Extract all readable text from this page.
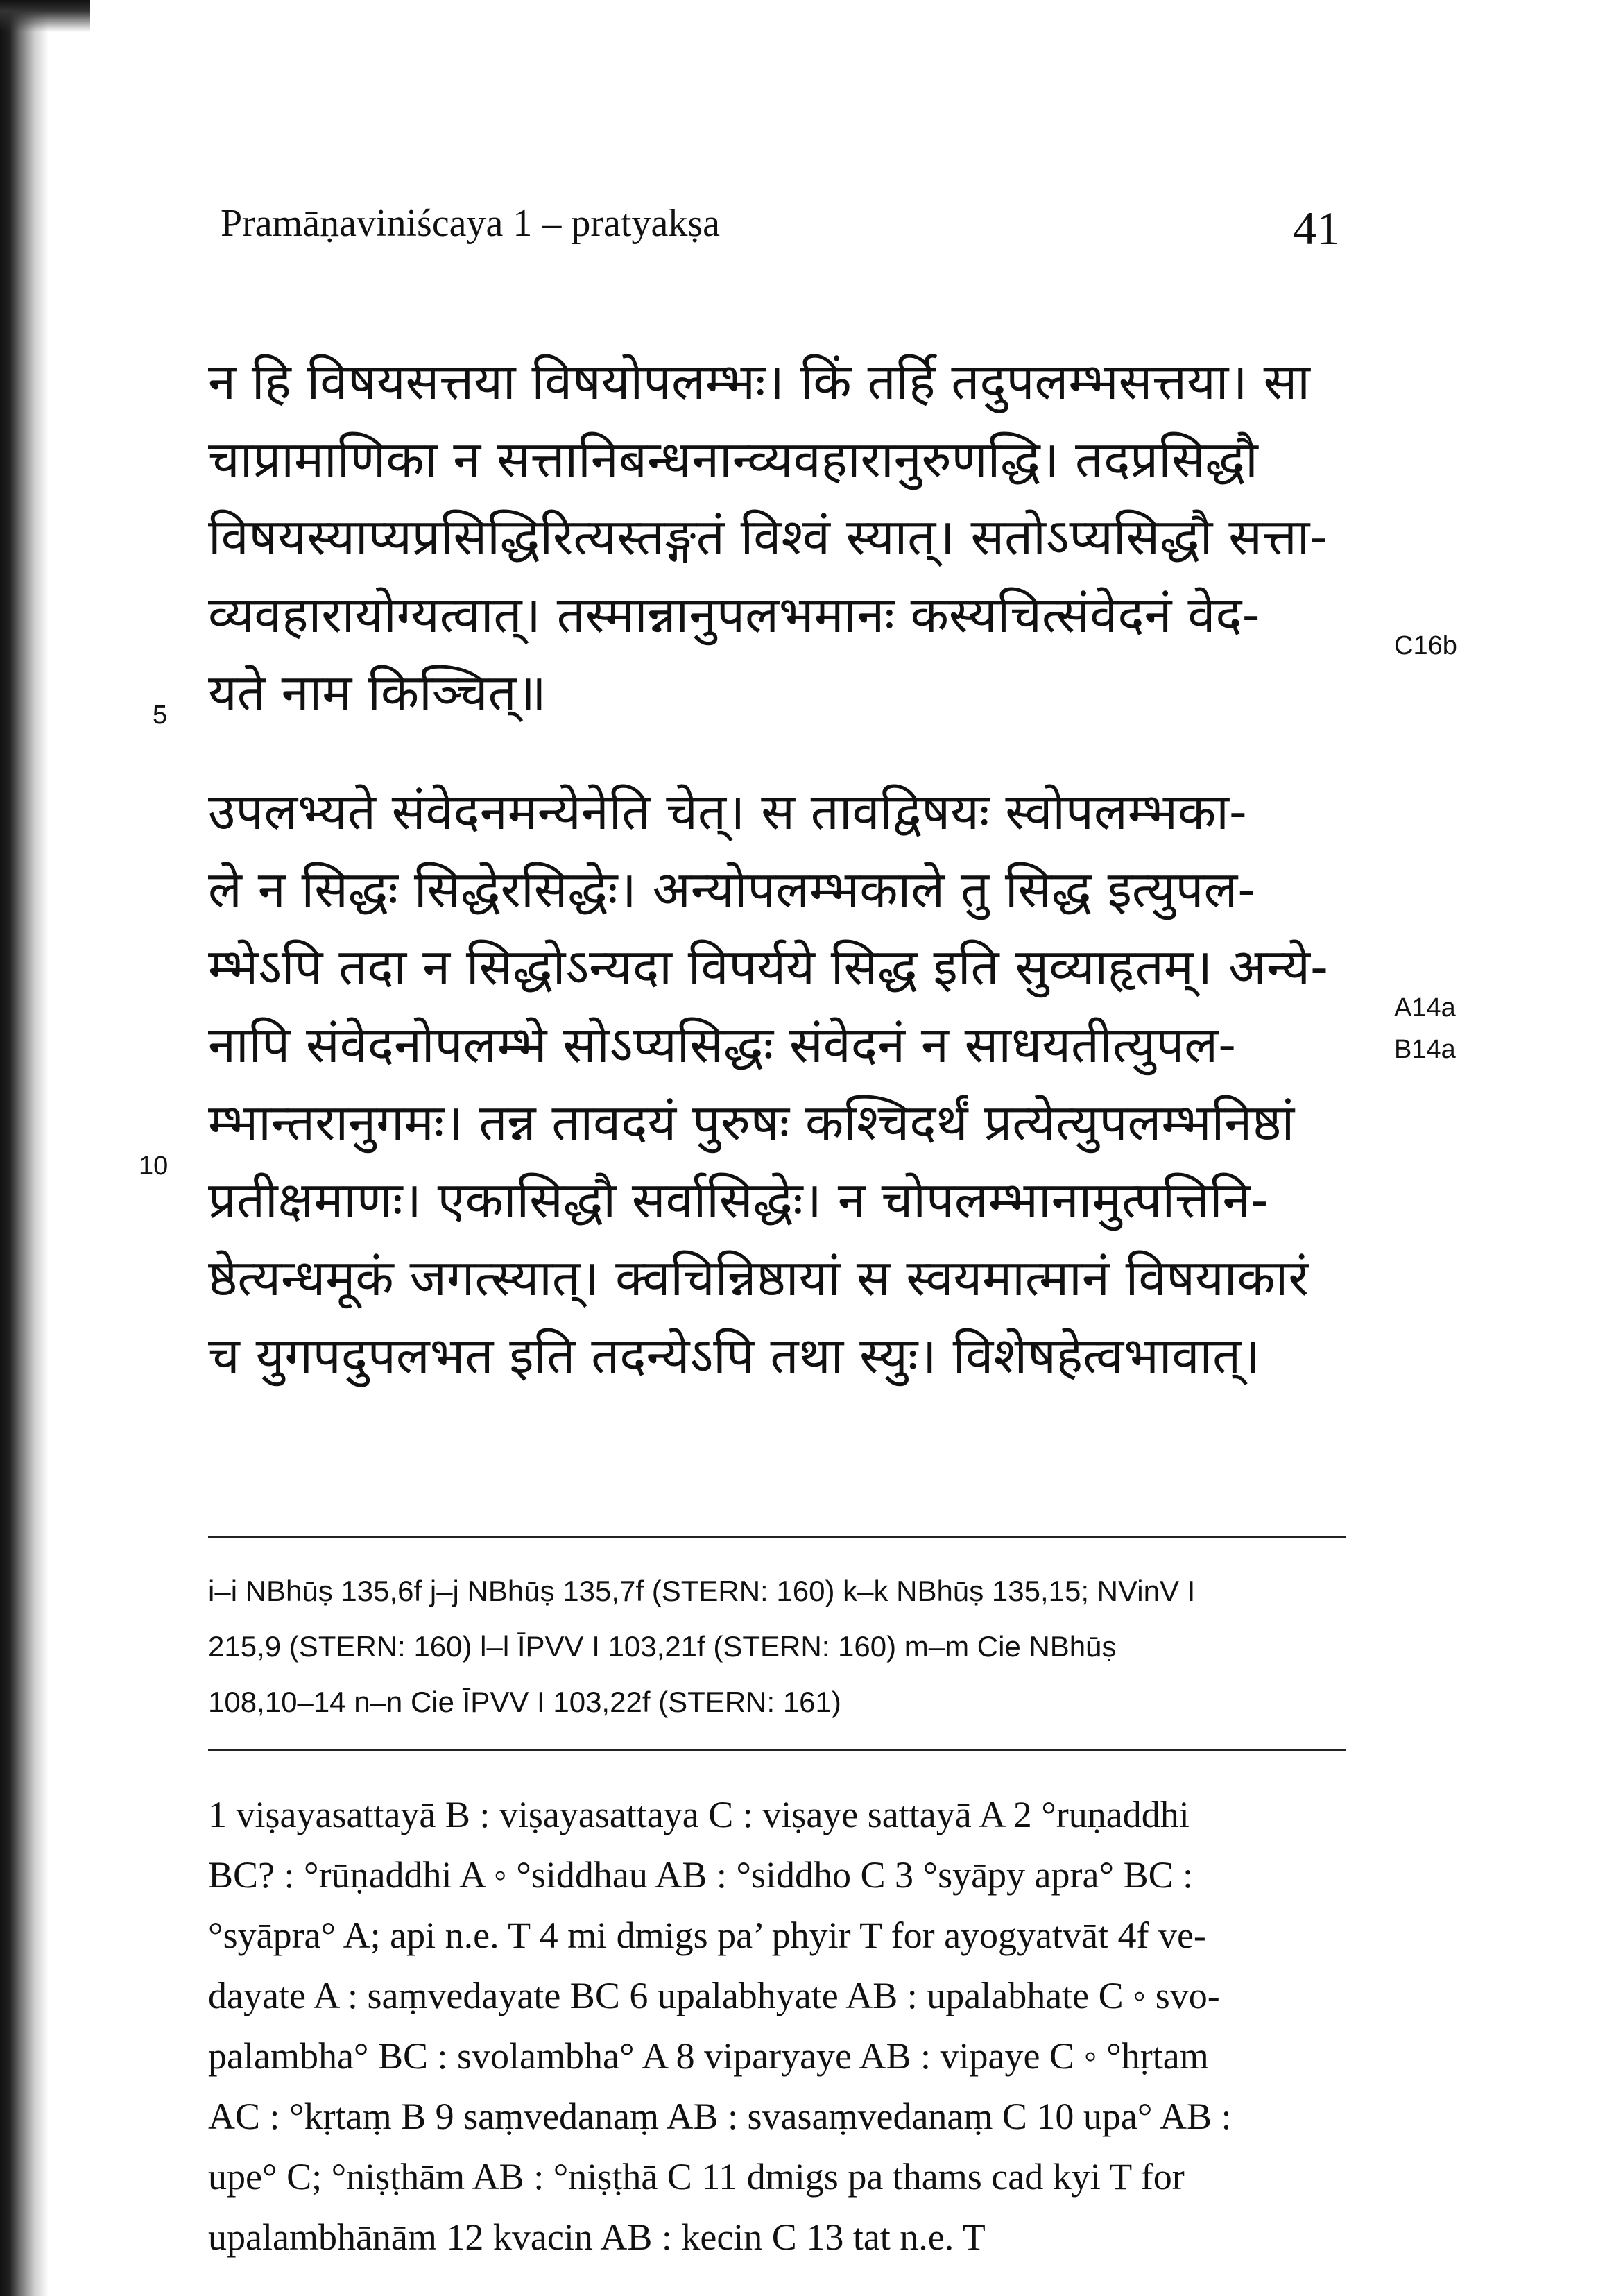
Pramāṇaviniścaya 1 – pratyakṣa	41
न हि विषयसत्तया विषयोपलम्भः। किं तर्हि तदुपलम्भसत्तया। सा
चाप्रामाणिका न सत्तानिबन्धनान्व्यवहारानुरुणद्धि। तदप्रसिद्धौ
विषयस्याप्यप्रसिद्धिरित्यस्तङ्गतं विश्वं स्यात्। सतोऽप्यसिद्धौ सत्ता-
व्यवहारायोग्यत्वात्। तस्मान्नानुपलभमानः कस्यचित्संवेदनं वेद-
यते नाम किञ्चित्॥
उपलभ्यते संवेदनमन्येनेति चेत्। स तावद्विषयः स्वोपलम्भका-
ले न सिद्धः सिद्धेरसिद्धेः। अन्योपलम्भकाले तु सिद्ध इत्युपल-
म्भेऽपि तदा न सिद्धोऽन्यदा विपर्यये सिद्ध इति सुव्याहृतम्। अन्ये-
नापि संवेदनोपलम्भे सोऽप्यसिद्धः संवेदनं न साधयतीत्युपल-
म्भान्तरानुगमः। तन्न तावदयं पुरुषः कश्चिदर्थं प्रत्येत्युपलम्भनिष्ठां
प्रतीक्षमाणः। एकासिद्धौ सर्वासिद्धेः। न चोपलम्भानामुत्पत्तिनि-
ष्ठेत्यन्धमूकं जगत्स्यात्। क्वचिन्निष्ठायां स स्वयमात्मानं विषयाकारं
च युगपदुपलभत इति तदन्येऽपि तथा स्युः। विशेषहेत्वभावात्।
5
10
C16b
A14a
B14a
i–i NBhūṣ 135,6f j–j NBhūṣ 135,7f (STERN: 160) k–k NBhūṣ 135,15; NVinV I
215,9 (STERN: 160) l–l ĪPVV I 103,21f (STERN: 160) m–m Cie NBhūṣ
108,10–14 n–n Cie ĪPVV I 103,22f (STERN: 161)
1 viṣayasattayā B : viṣayasattaya C : viṣaye sattayā A 2 °ruṇaddhi
BC? : °rūṇaddhi A ◦ °siddhau AB : °siddho C 3 °syāpy apra° BC :
°syāpra° A; api n.e. T 4 mi dmigs pa’ phyir T for ayogyatvāt 4f ve-
dayate A : saṃvedayate BC 6 upalabhyate AB : upalabhate C ◦ svo-
palambha° BC : svolambha° A 8 viparyaye AB : vipaye C ◦ °hṛtam
AC : °kṛtaṃ B 9 saṃvedanaṃ AB : svasaṃvedanaṃ C 10 upa° AB :
upe° C; °niṣṭhām AB : °niṣṭhā C 11 dmigs pa thams cad kyi T for
upalambhānām 12 kvacin AB : kecin C 13 tat n.e. T
